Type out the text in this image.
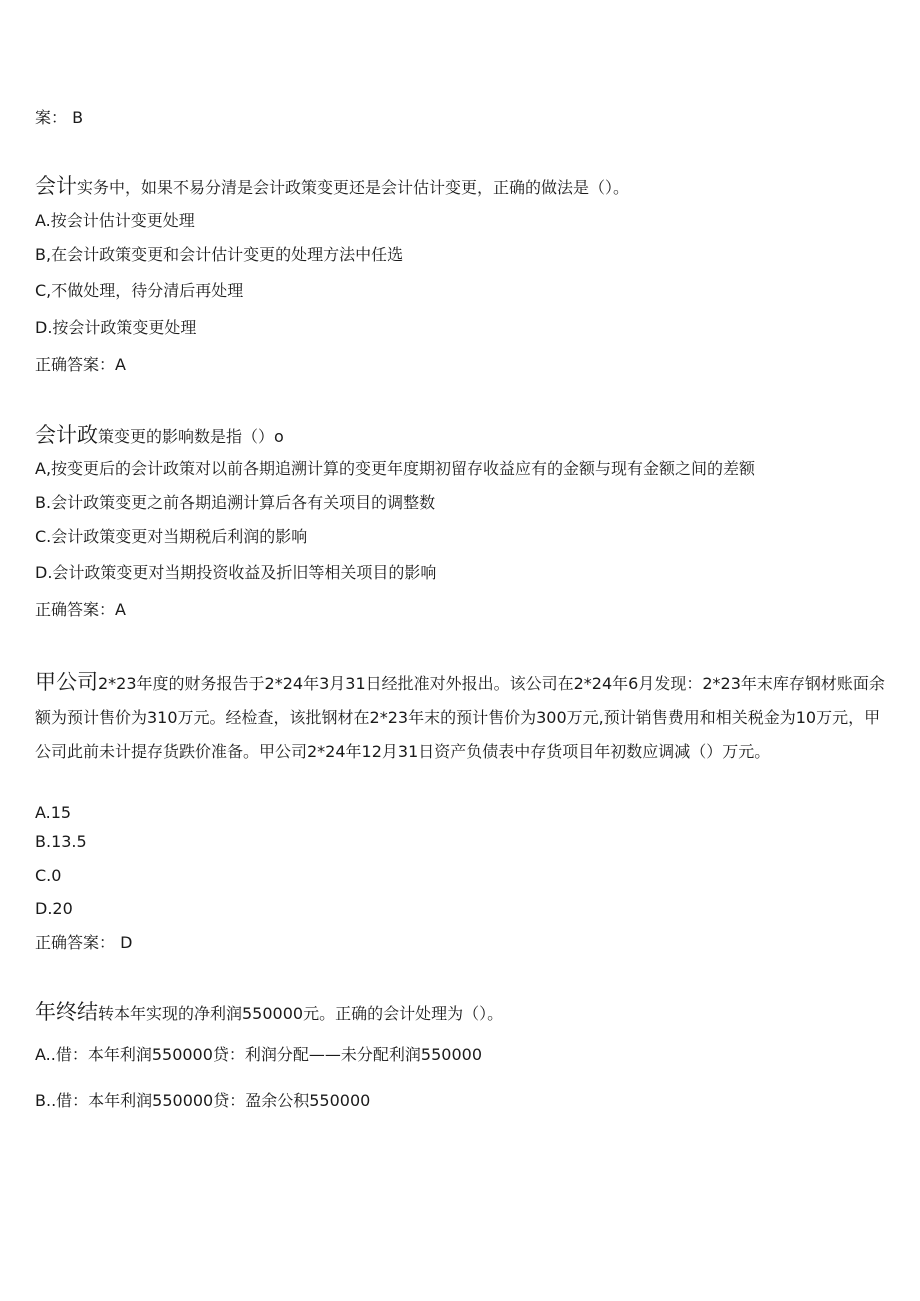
案： B
会计实务中，如果不易分清是会计政策变更还是会计估计变更，正确的做法是（）。
A.按会计估计变更处理
B,在会计政策变更和会计估计变更的处理方法中任选
C,不做处理，待分清后再处理
D.按会计政策变更处理
正确答案：A
会计政策变更的影响数是指（）o
A,按变更后的会计政策对以前各期追溯计算的变更年度期初留存收益应有的金额与现有金额之间的差额
B.会计政策变更之前各期追溯计算后各有关项目的调整数
C.会计政策变更对当期税后利润的影响
D.会计政策变更对当期投资收益及折旧等相关项目的影响
正确答案：A
甲公司2*23年度的财务报告于2*24年3月31日经批准对外报出。该公司在2*24年6月发现：2*23年末库存钢材账面余额为预计售价为310万元。经检查，该批钢材在2*23年末的预计售价为300万元,预计销售费用和相关税金为10万元，甲公司此前未计提存货跌价准备。甲公司2*24年12月31日资产负债表中存货项目年初数应调减（）万元。
A.15
B.13.5
C.0
D.20
正确答案： D
年终结转本年实现的净利润550000元。正确的会计处理为（）。
A..借：本年利润550000贷：利润分配——未分配利润550000
B..借：本年利润550000贷：盈余公积550000
